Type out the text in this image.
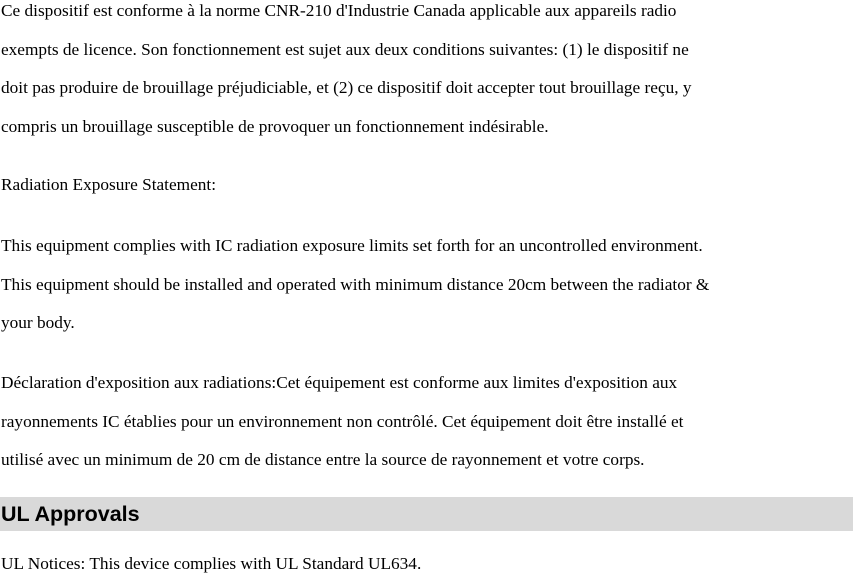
Ce dispositif est conforme à la norme CNR-210 d'Industrie Canada applicable aux appareils radio
exempts de licence. Son fonctionnement est sujet aux deux conditions suivantes: (1) le dispositif ne
doit pas produire de brouillage préjudiciable, et (2) ce dispositif doit accepter tout brouillage reçu, y
compris un brouillage susceptible de provoquer un fonctionnement indésirable.

Radiation Exposure Statement:

This equipment complies with IC radiation exposure limits set forth for an uncontrolled environment.
This equipment should be installed and operated with minimum distance 20cm between the radiator &
your body.

Déclaration d'exposition aux radiations:Cet équipement est conforme aux limites d'exposition aux
rayonnements IC établies pour un environnement non contrôlé. Cet équipement doit être installé et
utilisé avec un minimum de 20 cm de distance entre la source de rayonnement et votre corps.

UL Approvals

UL Notices: This device complies with UL Standard UL634.
